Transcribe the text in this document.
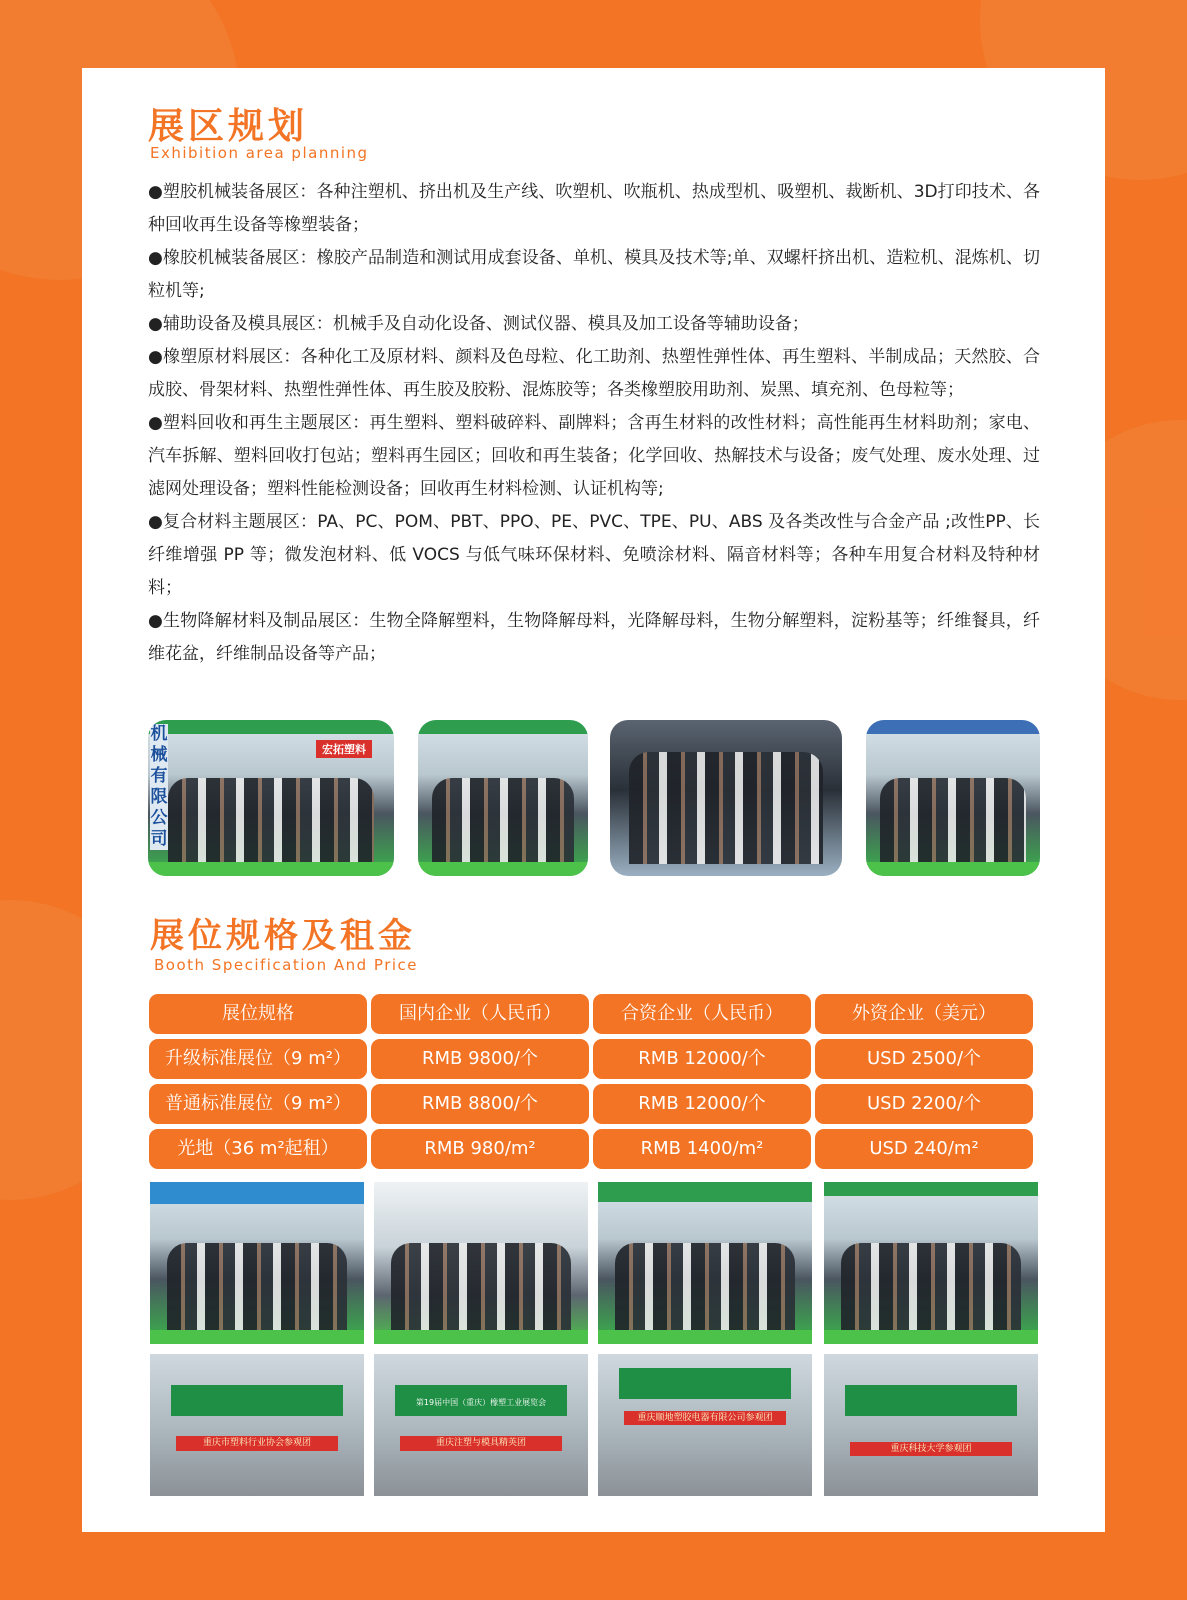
展区规划
Exhibition area planning

●塑胶机械装备展区：各种注塑机、挤出机及生产线、吹塑机、吹瓶机、热成型机、吸塑机、裁断机、3D打印技术、各种回收再生设备等橡塑装备；

●橡胶机械装备展区：橡胶产品制造和测试用成套设备、单机、模具及技术等;单、双螺杆挤出机、造粒机、混炼机、切粒机等;

●辅助设备及模具展区：机械手及自动化设备、测试仪器、模具及加工设备等辅助设备；

●橡塑原材料展区：各种化工及原材料、颜料及色母粒、化工助剂、热塑性弹性体、再生塑料、半制成品；天然胶、合成胶、骨架材料、热塑性弹性体、再生胶及胶粉、混炼胶等；各类橡塑胶用助剂、炭黑、填充剂、色母粒等；

●塑料回收和再生主题展区：再生塑料、塑料破碎料、副牌料；含再生材料的改性材料；高性能再生材料助剂；家电、汽车拆解、塑料回收打包站；塑料再生园区；回收和再生装备；化学回收、热解技术与设备；废气处理、废水处理、过滤网处理设备；塑料性能检测设备；回收再生材料检测、认证机构等;

●复合材料主题展区：PA、PC、POM、PBT、PPO、PE、PVC、TPE、PU、ABS 及各类改性与合金产品 ;改性PP、长纤维增强 PP 等；微发泡材料、低 VOCS 与低气味环保材料、免喷涂材料、隔音材料等；各种车用复合材料及特种材料；

●生物降解材料及制品展区：生物全降解塑料，生物降解母料，光降解母料，生物分解塑料，淀粉基等；纤维餐具，纤维花盆，纤维制品设备等产品；

机械有限公司
宏拓塑料
展位规格及租金
Booth Specification And Price
展位规格	国内企业（人民币）	合资企业（人民币）	外资企业（美元）
升级标准展位（9 m²）	RMB 9800/个	RMB 12000/个	USD 2500/个
普通标准展位（9 m²）	RMB 8800/个	RMB 12000/个	USD 2200/个
光地（36 m²起租）	RMB 980/m²	RMB 1400/m²	USD 240/m²
重庆市塑料行业协会参观团
第19届中国（重庆）橡塑工业展览会
重庆注塑与模具精英团
重庆顺地塑胶电器有限公司参观团
重庆科技大学参观团
